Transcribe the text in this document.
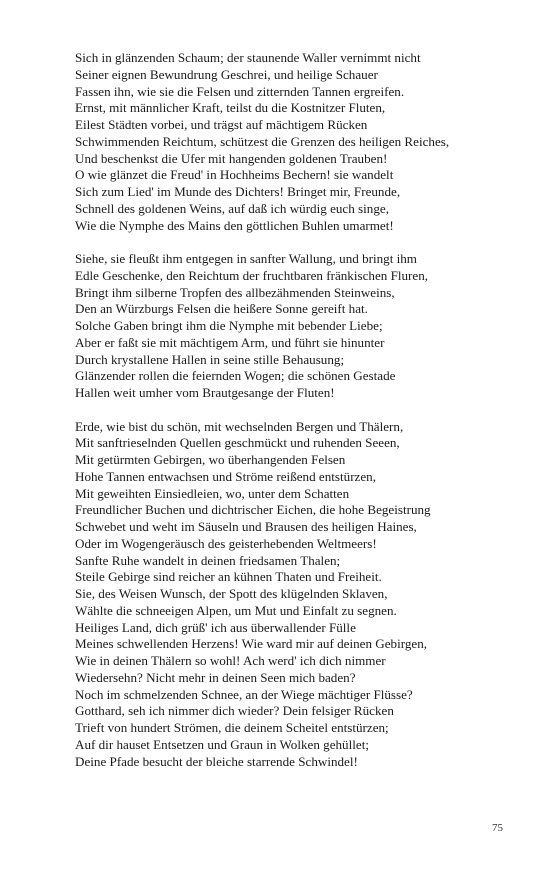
Sich in glänzenden Schaum; der staunende Waller vernimmt nicht
Seiner eignen Bewundrung Geschrei, und heilige Schauer
Fassen ihn, wie sie die Felsen und zitternden Tannen ergreifen.
Ernst, mit männlicher Kraft, teilst du die Kostnitzer Fluten,
Eilest Städten vorbei, und trägst auf mächtigem Rücken
Schwimmenden Reichtum, schützest die Grenzen des heiligen Reiches,
Und beschenkst die Ufer mit hangenden goldenen Trauben!
O wie glänzet die Freud' in Hochheims Bechern! sie wandelt
Sich zum Lied' im Munde des Dichters! Bringet mir, Freunde,
Schnell des goldenen Weins, auf daß ich würdig euch singe,
Wie die Nymphe des Mains den göttlichen Buhlen umarmet!
Siehe, sie fleußt ihm entgegen in sanfter Wallung, und bringt ihm
Edle Geschenke, den Reichtum der fruchtbaren fränkischen Fluren,
Bringt ihm silberne Tropfen des allbezähmenden Steinweins,
Den an Würzburgs Felsen die heißere Sonne gereift hat.
Solche Gaben bringt ihm die Nymphe mit bebender Liebe;
Aber er faßt sie mit mächtigem Arm, und führt sie hinunter
Durch krystallene Hallen in seine stille Behausung;
Glänzender rollen die feiernden Wogen; die schönen Gestade
Hallen weit umher vom Brautgesange der Fluten!
Erde, wie bist du schön, mit wechselnden Bergen und Thälern,
Mit sanftrieselnden Quellen geschmückt und ruhenden Seeen,
Mit getürmten Gebirgen, wo überhangenden Felsen
Hohe Tannen entwachsen und Ströme reißend entstürzen,
Mit geweihten Einsiedleien, wo, unter dem Schatten
Freundlicher Buchen und dichtrischer Eichen, die hohe Begeistrung
Schwebet und weht im Säuseln und Brausen des heiligen Haines,
Oder im Wogengeräusch des geisterhebenden Weltmeers!
Sanfte Ruhe wandelt in deinen friedsamen Thalen;
Steile Gebirge sind reicher an kühnen Thaten und Freiheit.
Sie, des Weisen Wunsch, der Spott des klügelnden Sklaven,
Wählte die schneeigen Alpen, um Mut und Einfalt zu segnen.
Heiliges Land, dich grüß' ich aus überwallender Fülle
Meines schwellenden Herzens! Wie ward mir auf deinen Gebirgen,
Wie in deinen Thälern so wohl! Ach werd' ich dich nimmer
Wiedersehn? Nicht mehr in deinen Seen mich baden?
Noch im schmelzenden Schnee, an der Wiege mächtiger Flüsse?
Gotthard, seh ich nimmer dich wieder? Dein felsiger Rücken
Trieft von hundert Strömen, die deinem Scheitel entstürzen;
Auf dir hauset Entsetzen und Graun in Wolken gehüllet;
Deine Pfade besucht der bleiche starrende Schwindel!
75
